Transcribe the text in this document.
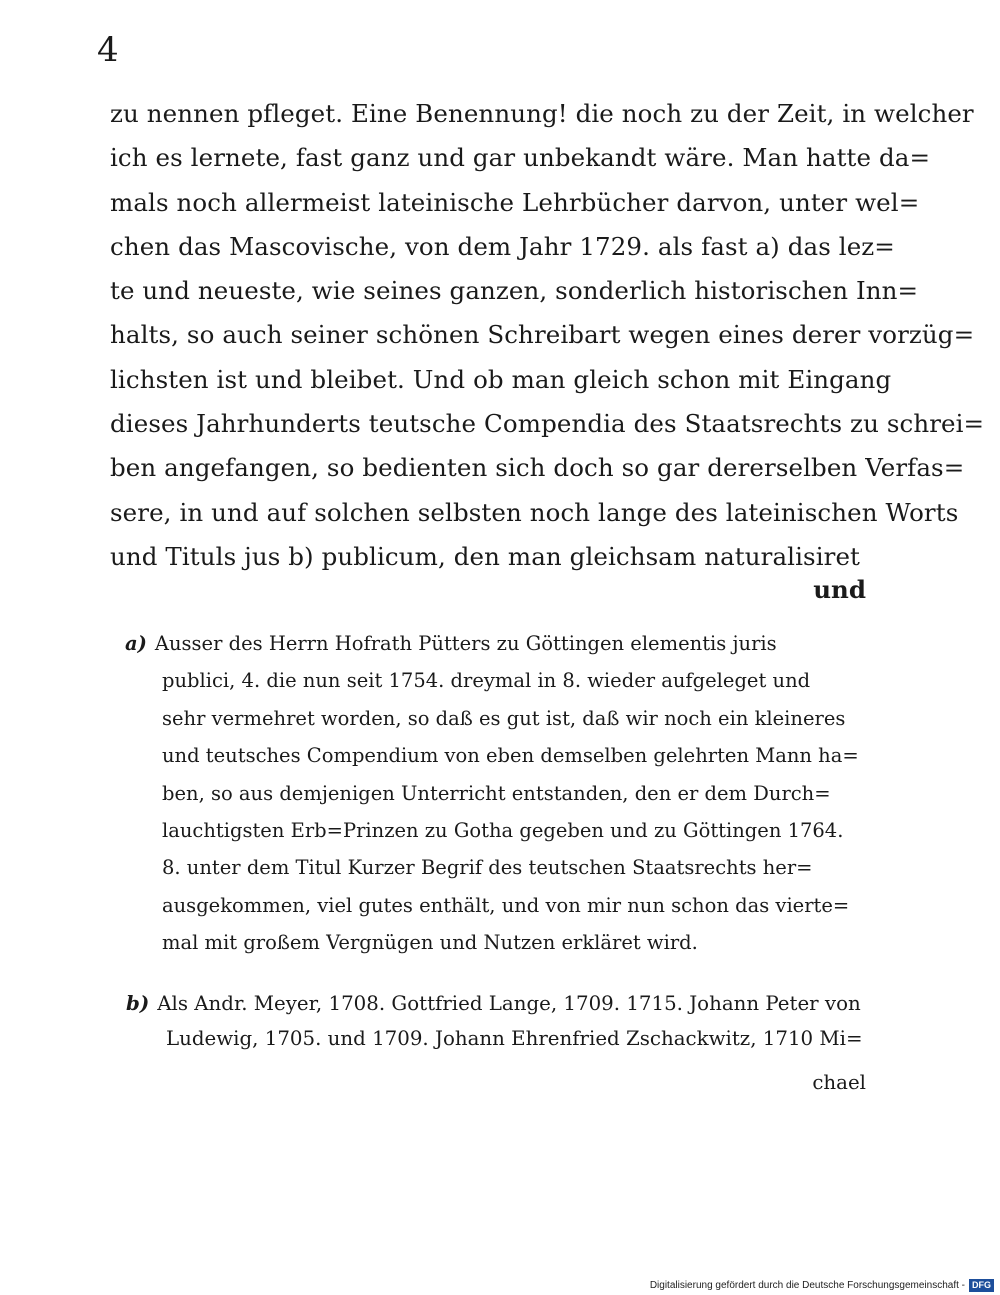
4
zu nennen pfleget. Eine Benennung! die noch zu der Zeit, in welcher
ich es lernete, fast ganz und gar unbekandt wäre. Man hatte da=
mals noch allermeist lateinische Lehrbücher darvon, unter wel=
chen das Mascovische, von dem Jahr 1729. als fast a) das lez=
te und neueste, wie seines ganzen, sonderlich historischen Inn=
halts, so auch seiner schönen Schreibart wegen eines derer vorzüg=
lichsten ist und bleibet. Und ob man gleich schon mit Eingang
dieses Jahrhunderts teutsche Compendia des Staatsrechts zu schrei=
ben angefangen, so bedienten sich doch so gar dererselben Verfas=
sere, in und auf solchen selbsten noch lange des lateinischen Worts
und Tituls jus b) publicum, den man gleichsam naturalisiret
und
a) Ausser des Herrn Hofrath Pütters zu Göttingen elementis juris
publici, 4. die nun seit 1754. dreymal in 8. wieder aufgeleget und
sehr vermehret worden, so daß es gut ist, daß wir noch ein kleineres
und teutsches Compendium von eben demselben gelehrten Mann ha=
ben, so aus demjenigen Unterricht entstanden, den er dem Durch=
lauchtigsten Erb=Prinzen zu Gotha gegeben und zu Göttingen 1764.
8. unter dem Titul Kurzer Begrif des teutschen Staatsrechts her=
ausgekommen, viel gutes enthält, und von mir nun schon das vierte=
mal mit großem Vergnügen und Nutzen erkläret wird.
b) Als Andr. Meyer, 1708. Gottfried Lange, 1709. 1715. Johann Peter von
Ludewig, 1705. und 1709. Johann Ehrenfried Zschackwitz, 1710 Mi=
chael
Digitalisierung gefördert durch die Deutsche Forschungsgemeinschaft - DFG
